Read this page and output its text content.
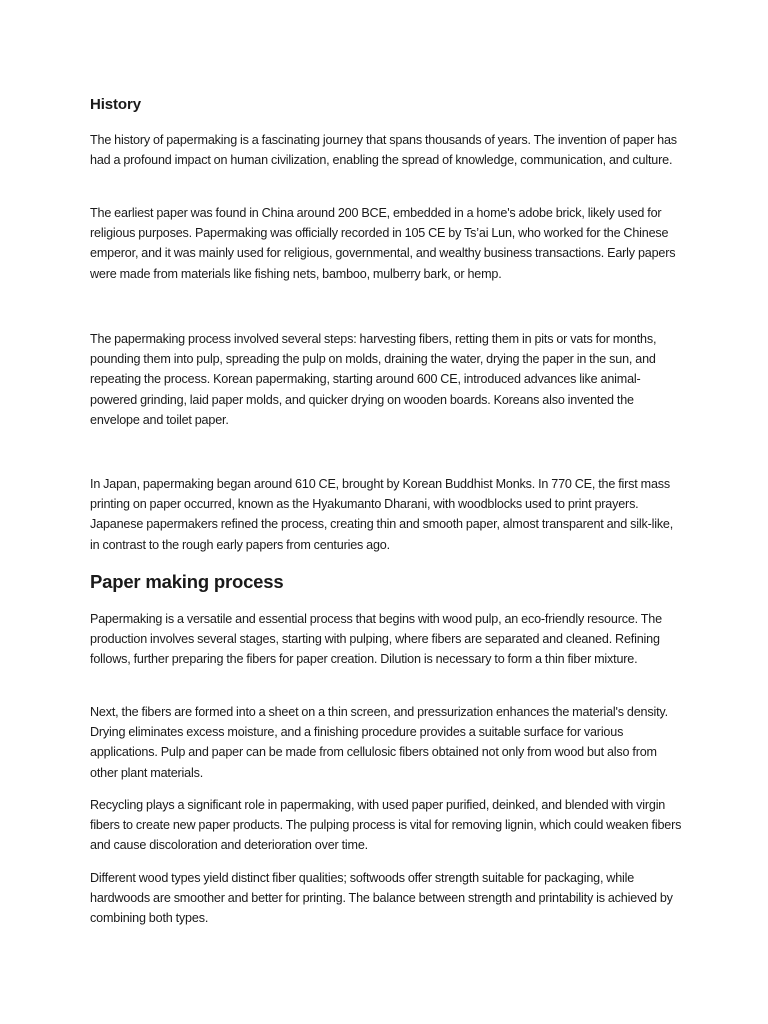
History

The history of papermaking is a fascinating journey that spans thousands of years. The invention of paper has had a profound impact on human civilization, enabling the spread of knowledge, communication, and culture.

The earliest paper was found in China around 200 BCE, embedded in a home's adobe brick, likely used for religious purposes. Papermaking was officially recorded in 105 CE by Ts’ai Lun, who worked for the Chinese emperor, and it was mainly used for religious, governmental, and wealthy business transactions. Early papers were made from materials like fishing nets, bamboo, mulberry bark, or hemp.

The papermaking process involved several steps: harvesting fibers, retting them in pits or vats for months, pounding them into pulp, spreading the pulp on molds, draining the water, drying the paper in the sun, and repeating the process. Korean papermaking, starting around 600 CE, introduced advances like animal-powered grinding, laid paper molds, and quicker drying on wooden boards. Koreans also invented the envelope and toilet paper.

In Japan, papermaking began around 610 CE, brought by Korean Buddhist Monks. In 770 CE, the first mass printing on paper occurred, known as the Hyakumanto Dharani, with woodblocks used to print prayers. Japanese papermakers refined the process, creating thin and smooth paper, almost transparent and silk-like, in contrast to the rough early papers from centuries ago.

Paper making process

Papermaking is a versatile and essential process that begins with wood pulp, an eco-friendly resource. The production involves several stages, starting with pulping, where fibers are separated and cleaned. Refining follows, further preparing the fibers for paper creation. Dilution is necessary to form a thin fiber mixture.

Next, the fibers are formed into a sheet on a thin screen, and pressurization enhances the material's density. Drying eliminates excess moisture, and a finishing procedure provides a suitable surface for various applications. Pulp and paper can be made from cellulosic fibers obtained not only from wood but also from other plant materials.

Recycling plays a significant role in papermaking, with used paper purified, deinked, and blended with virgin fibers to create new paper products. The pulping process is vital for removing lignin, which could weaken fibers and cause discoloration and deterioration over time.

Different wood types yield distinct fiber qualities; softwoods offer strength suitable for packaging, while hardwoods are smoother and better for printing. The balance between strength and printability is achieved by combining both types.
